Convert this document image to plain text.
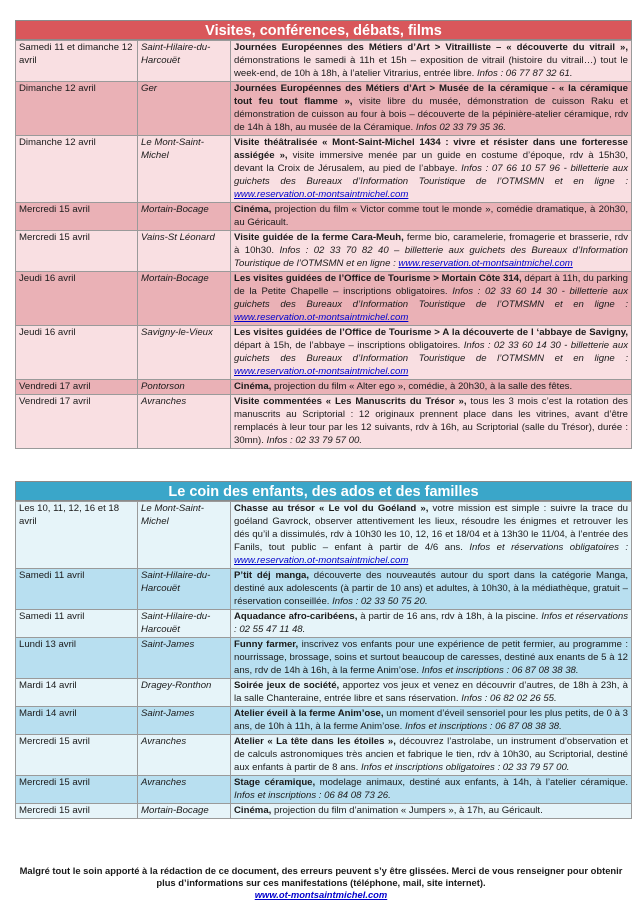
Visites, conférences, débats, films
Samedi 11 et dimanche 12 avril	Saint-Hilaire-du-Harcouët	Journées Européennes des Métiers d’Art > Vitrailliste – « découverte du vitrail », démonstrations le samedi à 11h et 15h – exposition de vitrail (histoire du vitrail…) tout le week-end, de 10h à 18h, à l’atelier Vitrarius, entrée libre. Infos : 06 77 87 32 61.
Dimanche 12 avril	Ger	Journées Européennes des Métiers d’Art > Musée de la céramique - « la céramique tout feu tout flamme », visite libre du musée, démonstration de cuisson Raku et démonstration de cuisson au four à bois – découverte de la pépinière-atelier céramique, rdv de 14h à 18h, au musée de la Céramique. Infos 02 33 79 35 36.
Dimanche 12 avril	Le Mont-Saint-Michel	Visite théâtralisée « Mont-Saint-Michel 1434 : vivre et résister dans une forteresse assiégée », visite immersive menée par un guide en costume d’époque, rdv à 15h30, devant la Croix de Jérusalem, au pied de l’abbaye. Infos : 07 66 10 57 96 - billetterie aux guichets des Bureaux d’Information Touristique de l’OTMSMN et en ligne : www.reservation.ot-montsaintmichel.com
Mercredi 15 avril	Mortain-Bocage	Cinéma, projection du film « Victor comme tout le monde », comédie dramatique, à 20h30, au Géricault.
Mercredi 15 avril	Vains-St Léonard	Visite guidée de la ferme Cara-Meuh, ferme bio, caramelerie, fromagerie et brasserie, rdv à 10h30. Infos : 02 33 70 82 40 – billetterie aux guichets des Bureaux d’Information Touristique de l’OTMSMN et en ligne : www.reservation.ot-montsaintmichel.com
Jeudi 16 avril	Mortain-Bocage	Les visites guidées de l’Office de Tourisme > Mortain Côte 314, départ à 11h, du parking de la Petite Chapelle – inscriptions obligatoires. Infos : 02 33 60 14 30 - billetterie aux guichets des Bureaux d’Information Touristique de l’OTMSMN et en ligne : www.reservation.ot-montsaintmichel.com
Jeudi 16 avril	Savigny-le-Vieux	Les visites guidées de l’Office de Tourisme > A la découverte de l ‘abbaye de Savigny, départ à 15h, de l’abbaye – inscriptions obligatoires. Infos : 02 33 60 14 30 - billetterie aux guichets des Bureaux d’Information Touristique de l’OTMSMN et en ligne : www.reservation.ot-montsaintmichel.com
Vendredi 17 avril	Pontorson	Cinéma, projection du film « Alter ego », comédie, à 20h30, à la salle des fêtes.
Vendredi 17 avril	Avranches	Visite commentées « Les Manuscrits du Trésor », tous les 3 mois c’est la rotation des manuscrits au Scriptorial : 12 originaux prennent place dans les vitrines, avant d’être remplacés à leur tour par les 12 suivants, rdv à 16h, au Scriptorial (salle du Trésor), durée : 30mn). Infos : 02 33 79 57 00.
Le coin des enfants, des ados et des familles
Les 10, 11, 12, 16 et 18 avril	Le Mont-Saint-Michel	Chasse au trésor « Le vol du Goéland », votre mission est simple : suivre la trace du goéland Gavrock, observer attentivement les lieux, résoudre les énigmes et retrouver les dés qu’il a dissimulés, rdv à 10h30 les 10, 12, 16 et 18/04 et à 13h30 le 11/04, à l’entrée des Fanils, tout public – enfant à partir de 4/6 ans. Infos et réservations obligatoires : www.reservation.ot-montsaintmichel.com
Samedi 11 avril	Saint-Hilaire-du-Harcouët	P’tit déj manga, découverte des nouveautés autour du sport dans la catégorie Manga, destiné aux adolescents (à partir de 10 ans) et adultes, à 10h30, à la médiathèque, gratuit – réservation conseillée. Infos : 02 33 50 75 20.
Samedi 11 avril	Saint-Hilaire-du-Harcouët	Aquadance afro-caribéens, à partir de 16 ans, rdv à 18h, à la piscine. Infos et réservations : 02 55 47 11 48.
Lundi 13 avril	Saint-James	Funny farmer, inscrivez vos enfants pour une expérience de petit fermier, au programme : nourrissage, brossage, soins et surtout beaucoup de caresses, destiné aux enants de 5 à 12 ans, rdv de 14h à 16h, à la ferme Anim’ose. Infos et inscriptions : 06 87 08 38 38.
Mardi 14 avril	Dragey-Ronthon	Soirée jeux de société, apportez vos jeux et venez en découvrir d’autres, de 18h à 23h, à la salle Chanteraine, entrée libre et sans réservation. Infos : 06 82 02 26 55.
Mardi 14 avril	Saint-James	Atelier éveil à la ferme Anim’ose, un moment d’éveil sensoriel pour les plus petits, de 0 à 3 ans, de 10h à 11h, à la ferme Anim’ose. Infos et inscriptions : 06 87 08 38 38.
Mercredi 15 avril	Avranches	Atelier « La tête dans les étoiles », découvrez l’astrolabe, un instrument d’observation et de calculs astronomiques très ancien et fabrique le tien, rdv à 10h30, au Scriptorial, destiné aux enfants à partir de 8 ans. Infos et inscriptions obligatoires : 02 33 79 57 00.
Mercredi 15 avril	Avranches	Stage céramique, modelage animaux, destiné aux enfants, à 14h, à l’atelier céramique. Infos et inscriptions : 06 84 08 73 26.
Mercredi 15 avril	Mortain-Bocage	Cinéma, projection du film d’animation « Jumpers », à 17h, au Géricault.
Malgré tout le soin apporté à la rédaction de ce document, des erreurs peuvent s’y être glissées. Merci de vous renseigner pour obtenir plus d’informations sur ces manifestations (téléphone, mail, site internet).
www.ot-montsaintmichel.com
